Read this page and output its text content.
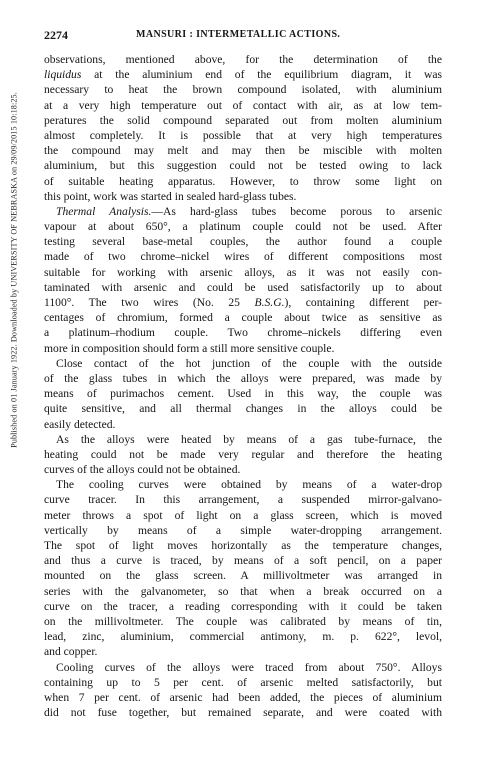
Published on 01 January 1922. Downloaded by UNIVERSITY OF NEBRASKA on 29/09/2015 10:18:25.
2274	MANSURI : INTERMETALLIC ACTIONS.
observations, mentioned above, for the determination of the
liquidus at the aluminium end of the equilibrium diagram, it was
necessary to heat the brown compound isolated, with aluminium
at a very high temperature out of contact with air, as at low tem-
peratures the solid compound separated out from molten aluminium
almost completely. It is possible that at very high temperatures
the compound may melt and may then be miscible with molten
aluminium, but this suggestion could not be tested owing to lack
of suitable heating apparatus. However, to throw some light on
this point, work was started in sealed hard-glass tubes.
Thermal Analysis.—As hard-glass tubes become porous to arsenic
vapour at about 650°, a platinum couple could not be used. After
testing several base-metal couples, the author found a couple
made of two chrome–nickel wires of different compositions most
suitable for working with arsenic alloys, as it was not easily con-
taminated with arsenic and could be used satisfactorily up to about
1100°. The two wires (No. 25 B.S.G.), containing different per-
centages of chromium, formed a couple about twice as sensitive as
a platinum–rhodium couple. Two chrome–nickels differing even
more in composition should form a still more sensitive couple.
Close contact of the hot junction of the couple with the outside
of the glass tubes in which the alloys were prepared, was made by
means of purimachos cement. Used in this way, the couple was
quite sensitive, and all thermal changes in the alloys could be
easily detected.
As the alloys were heated by means of a gas tube-furnace, the
heating could not be made very regular and therefore the heating
curves of the alloys could not be obtained.
The cooling curves were obtained by means of a water-drop
curve tracer. In this arrangement, a suspended mirror-galvano-
meter throws a spot of light on a glass screen, which is moved
vertically by means of a simple water-dropping arrangement.
The spot of light moves horizontally as the temperature changes,
and thus a curve is traced, by means of a soft pencil, on a paper
mounted on the glass screen. A millivoltmeter was arranged in
series with the galvanometer, so that when a break occurred on a
curve on the tracer, a reading corresponding with it could be taken
on the millivoltmeter. The couple was calibrated by means of tin,
lead, zinc, aluminium, commercial antimony, m. p. 622°, levol,
and copper.
Cooling curves of the alloys were traced from about 750°. Alloys
containing up to 5 per cent. of arsenic melted satisfactorily, but
when 7 per cent. of arsenic had been added, the pieces of aluminium
did not fuse together, but remained separate, and were coated with
